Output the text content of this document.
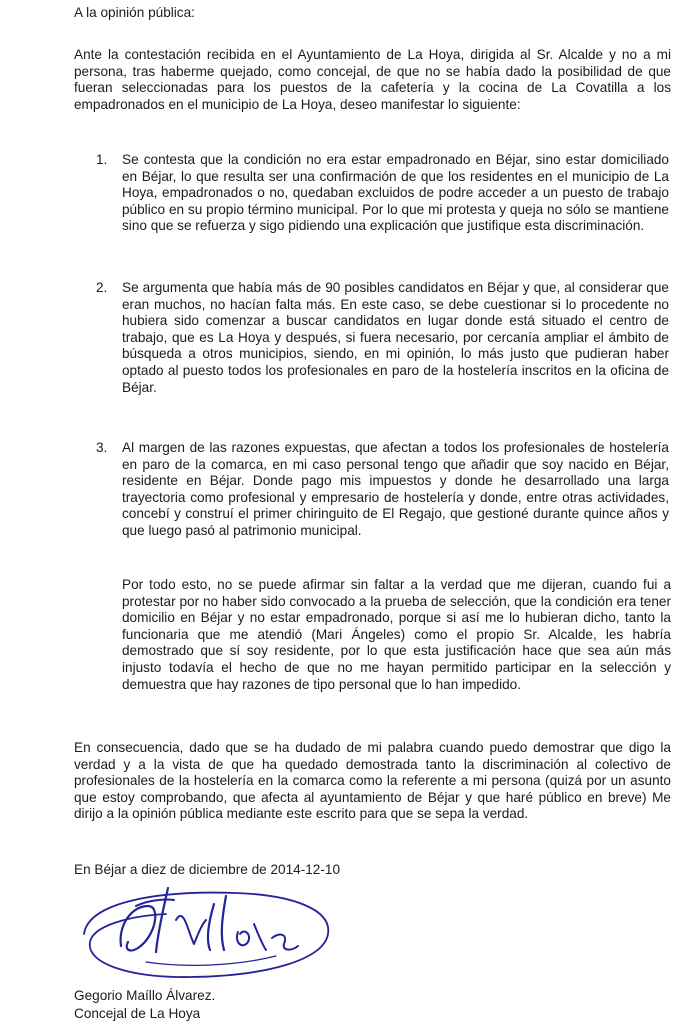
A la opinión pública:
Ante la contestación recibida en el Ayuntamiento de La Hoya, dirigida al Sr. Alcalde y no a mi persona, tras haberme quejado, como concejal, de que no se había dado la posibilidad de que fueran seleccionadas para los puestos de la cafetería y la cocina de La Covatilla a los empadronados en el municipio de La Hoya, deseo manifestar lo siguiente:
1.	Se contesta que la condición no era estar empadronado en Béjar, sino estar domiciliado en Béjar, lo que resulta ser una confirmación de que los residentes en el municipio de La Hoya, empadronados o no, quedaban excluidos de podre acceder a un puesto de trabajo público en su propio término municipal. Por lo que mi protesta y queja no sólo se mantiene sino que se refuerza y sigo pidiendo una explicación que justifique esta discriminación.
2.	Se argumenta que había más de 90 posibles candidatos en Béjar y que, al considerar que eran muchos, no hacían falta más. En este caso, se debe cuestionar si lo procedente no hubiera sido comenzar a buscar candidatos en lugar donde está situado el centro de trabajo, que es La Hoya y después, si fuera necesario, por cercanía ampliar el ámbito de búsqueda a otros municipios, siendo, en mi opinión, lo más justo que pudieran haber optado al puesto todos los profesionales en paro de la hostelería inscritos en la oficina de Béjar.
3.	Al margen de las razones expuestas, que afectan a todos los profesionales de hostelería en paro de la comarca, en mi caso personal tengo que añadir que soy nacido en Béjar, residente en Béjar. Donde pago mis impuestos y donde he desarrollado una larga trayectoria como profesional y empresario de hostelería y donde, entre otras actividades, concebí y construí el primer chiringuito de El Regajo, que gestioné durante quince años y que luego pasó al patrimonio municipal.
Por todo esto, no se puede afirmar sin faltar a la verdad que me dijeran, cuando fui a protestar por no haber sido convocado a la prueba de selección, que la condición era tener domicilio en Béjar y no estar empadronado, porque si así me lo hubieran dicho, tanto la funcionaria que me atendió (Mari Ángeles) como el propio Sr. Alcalde, les habría demostrado que sí soy residente, por lo que esta justificación hace que sea aún más injusto todavía el hecho de que no me hayan permitido participar en la selección y demuestra que hay razones de tipo personal que lo han impedido.
En consecuencia, dado que se ha dudado de mi palabra cuando puedo demostrar que digo la verdad y a la vista de que ha quedado demostrada tanto la discriminación al colectivo de profesionales de la hostelería en la comarca como la referente a mi persona (quizá por un asunto que estoy comprobando, que afecta al ayuntamiento de Béjar y que haré público en breve) Me dirijo a la opinión pública mediante este escrito para que se sepa la verdad.
En Béjar a diez de diciembre de 2014-12-10
Gegorio Maíllo Álvarez.
Concejal de La Hoya
